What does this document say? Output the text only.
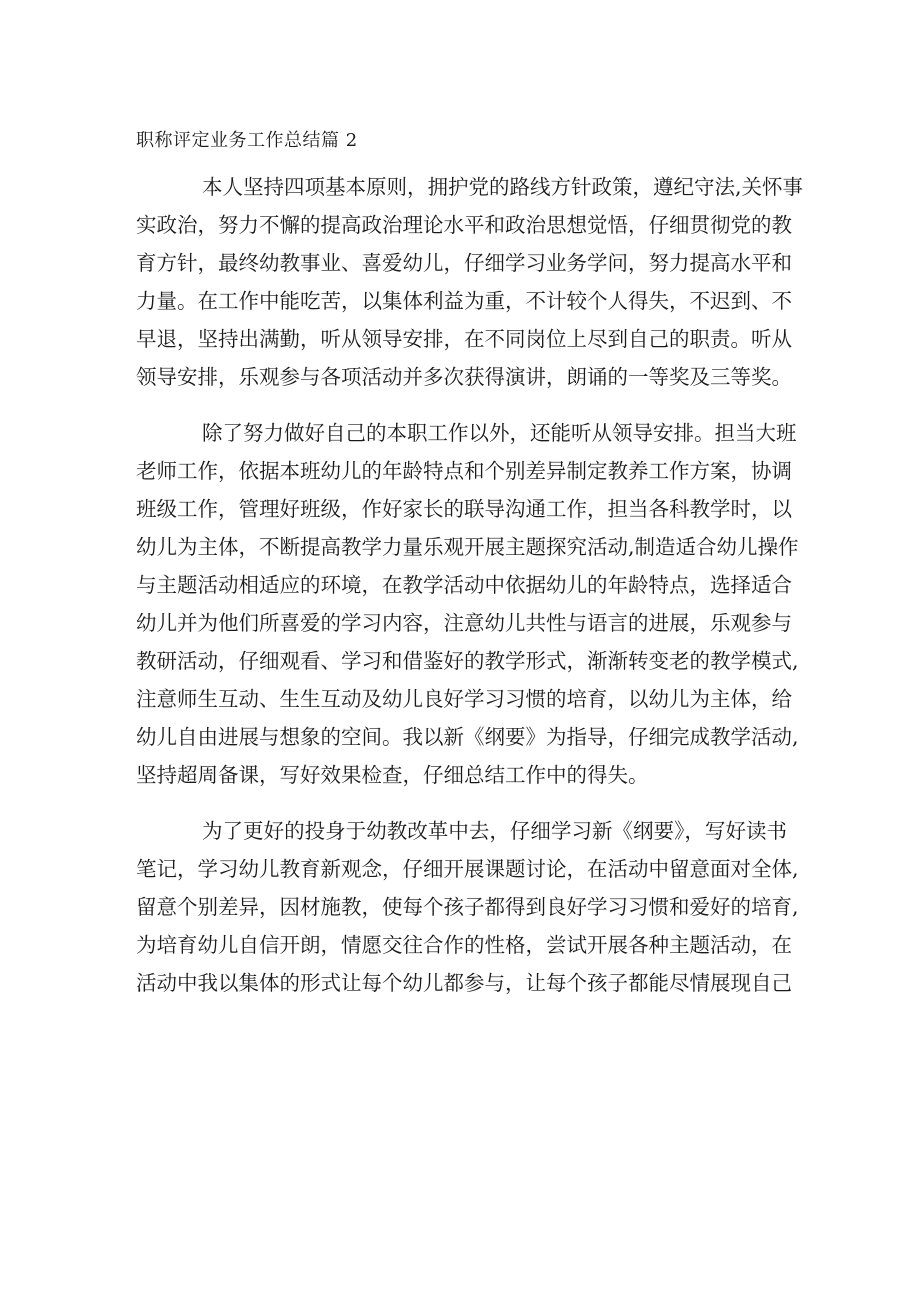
职称评定业务工作总结篇 2
本人坚持四项基本原则，拥护党的路线方针政策，遵纪守法,关怀事
实政治，努力不懈的提高政治理论水平和政治思想觉悟，仔细贯彻党的教
育方针，最终幼教事业、喜爱幼儿，仔细学习业务学问，努力提高水平和
力量。在工作中能吃苦，以集体利益为重，不计较个人得失，不迟到、不
早退，坚持出满勤，听从领导安排，在不同岗位上尽到自己的职责。听从
领导安排，乐观参与各项活动并多次获得演讲，朗诵的一等奖及三等奖。
除了努力做好自己的本职工作以外，还能听从领导安排。担当大班
老师工作，依据本班幼儿的年龄特点和个别差异制定教养工作方案，协调
班级工作，管理好班级，作好家长的联导沟通工作，担当各科教学时，以
幼儿为主体，不断提高教学力量乐观开展主题探究活动,制造适合幼儿操作
与主题活动相适应的环境，在教学活动中依据幼儿的年龄特点，选择适合
幼儿并为他们所喜爱的学习内容，注意幼儿共性与语言的进展，乐观参与
教研活动，仔细观看、学习和借鉴好的教学形式，渐渐转变老的教学模式,
注意师生互动、生生互动及幼儿良好学习习惯的培育，以幼儿为主体，给
幼儿自由进展与想象的空间。我以新《纲要》为指导，仔细完成教学活动,
坚持超周备课，写好效果检查，仔细总结工作中的得失。
为了更好的投身于幼教改革中去，仔细学习新《纲要》，写好读书
笔记，学习幼儿教育新观念，仔细开展课题讨论，在活动中留意面对全体,
留意个别差异，因材施教，使每个孩子都得到良好学习习惯和爱好的培育,
为培育幼儿自信开朗，情愿交往合作的性格，尝试开展各种主题活动，在
活动中我以集体的形式让每个幼儿都参与，让每个孩子都能尽情展现自己
